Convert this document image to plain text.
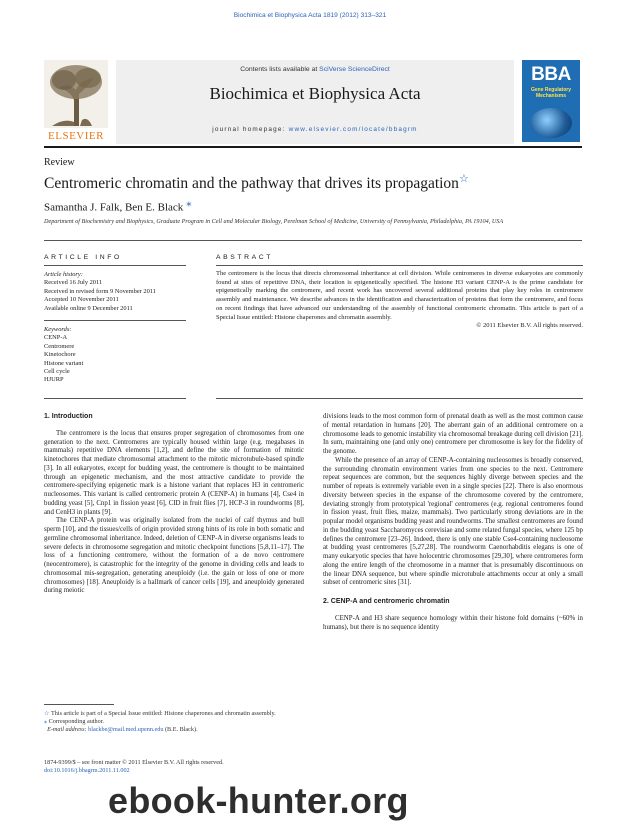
Biochimica et Biophysica Acta 1819 (2012) 313–321
ELSEVIER
Contents lists available at SciVerse ScienceDirect
Biochimica et Biophysica Acta
journal homepage: www.elsevier.com/locate/bbagrm
BBA
Gene Regulatory Mechanisms
Review
Centromeric chromatin and the pathway that drives its propagation☆
Samantha J. Falk, Ben E. Black ⁎
Department of Biochemistry and Biophysics, Graduate Program in Cell and Molecular Biology, Perelman School of Medicine, University of Pennsylvania, Philadelphia, PA 19104, USA
ARTICLE INFO	ABSTRACT
Article history:
Received 16 July 2011
Received in revised form 9 November 2011
Accepted 10 November 2011
Available online 9 December 2011
Keywords:
CENP-A
Centromere
Kinetochore
Histone variant
Cell cycle
HJURP

The centromere is the locus that directs chromosomal inheritance at cell division. While centromeres in diverse eukaryotes are commonly found at sites of repetitive DNA, their location is epigenetically specified. The histone H3 variant CENP-A is the prime candidate for epigenetically marking the centromere, and recent work has uncovered several additional proteins that play key roles in centromere assembly and maintenance. We describe advances in the identification and characterization of proteins that form the centromere, and focus on recent findings that have advanced our understanding of the assembly of functional centromeric chromatin. This article is part of a Special Issue entitled: Histone chaperones and chromatin assembly.

© 2011 Elsevier B.V. All rights reserved.

1. Introduction

The centromere is the locus that ensures proper segregation of chromosomes from one generation to the next. Centromeres are typically housed within large (e.g. megabases in mammals) repetitive DNA elements [1,2], and define the site of formation of mitotic kinetochores that mediate chromosomal attachment to the mitotic microtubule-based spindle [3]. In all eukaryotes, except for budding yeast, the centromere is thought to be maintained through an epigenetic mechanism, and the most attractive candidate to provide the centromere-specifying epigenetic mark is a histone variant that replaces H3 in centromeric nucleosomes. This variant is called centromeric protein A (CENP-A) in humans [4], Cse4 in budding yeast [5], Cnp1 in fission yeast [6], CID in fruit flies [7], HCP-3 in roundworms [8], and CenH3 in plants [9].

The CENP-A protein was originally isolated from the nuclei of calf thymus and bull sperm [10], and the tissues/cells of origin provided strong hints of its role in both somatic and germline chromosomal inheritance. Indeed, deletion of CENP-A in diverse organisms leads to severe defects in chromosome segregation and mitotic checkpoint functions [5,8,11–17]. The loss of a functioning centromere, without the formation of a de novo centromere (neocentromere), is catastrophic for the integrity of the genome in dividing cells and leads to chromosomal mis-segregation, generating aneuploidy (i.e. the gain or loss of one or more chromosomes) [18]. Aneuploidy is a hallmark of cancer cells [19], and aneuploidy generated during meiotic

divisions leads to the most common form of prenatal death as well as the most common cause of mental retardation in humans [20]. The aberrant gain of an additional centromere on a chromosome leads to genomic instability via chromosomal breakage during cell division [21]. In sum, maintaining one (and only one) centromere per chromosome is key for the fidelity of the genome.

While the presence of an array of CENP-A-containing nucleosomes is broadly conserved, the surrounding chromatin environment varies from one species to the next. Centromere repeat sequences are common, but the sequences highly diverge between species and the number of repeats is extremely variable even in a single species [22]. There is also enormous diversity between species in the expanse of the chromosome covered by the centromere, deviating strongly from prototypical 'regional' centromeres (e.g. regional centromeres found in fission yeast, fruit flies, maize, mammals). Two particularly strong deviations are in the popular model organisms budding yeast and roundworms. The smallest centromeres are found in the budding yeast Saccharomyces cerevisiae and some related fungal species, where 125 bp defines the centromere [23–26]. Indeed, there is only one stable Cse4-containing nucleosome at budding yeast centromeres [5,27,28]. The roundworm Caenorhabditis elegans is one of many eukaryotic species that have holocentric chromosomes [29,30], where centromeres form along the entire length of the chromosome in a manner that is presumably discontinuous on the linear DNA sequence, but where spindle microtubule attachments occur at only a small subset of centromeric sites [31].

2. CENP-A and centromeric chromatin

CENP-A and H3 share sequence homology within their histone fold domains (~60% in humans), but there is no sequence identity

☆ This article is part of a Special Issue entitled: Histone chaperones and chromatin assembly.
⁎ Corresponding author.
E-mail address: blackbe@mail.med.upenn.edu (B.E. Black).
1874-9399/$ – see front matter © 2011 Elsevier B.V. All rights reserved.
doi:10.1016/j.bbagrm.2011.11.002
ebook-hunter.org
